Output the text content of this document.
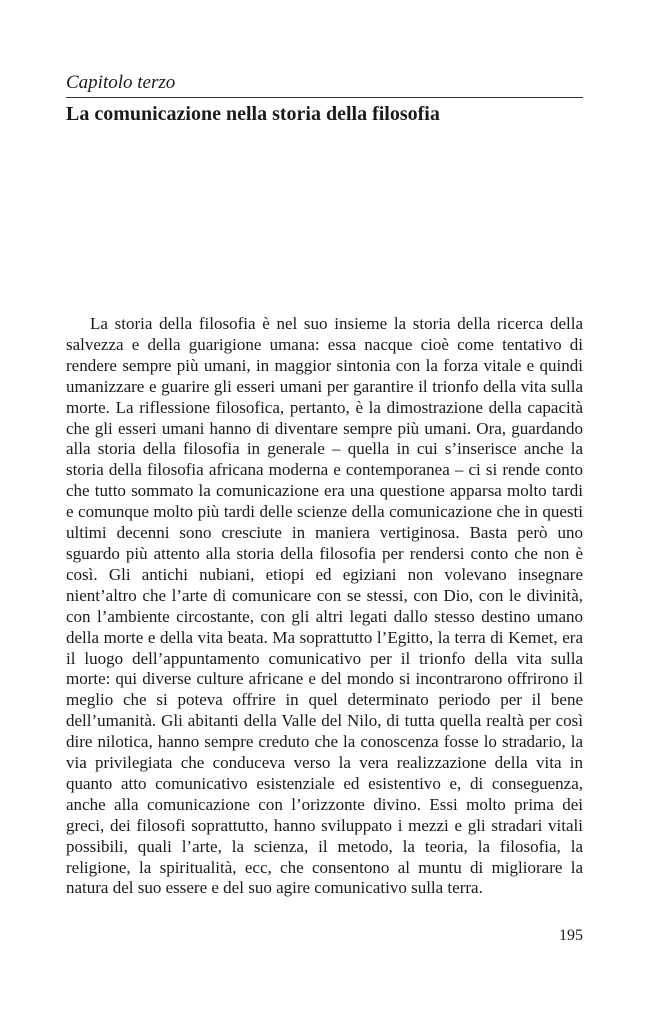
Capitolo terzo
La comunicazione nella storia della filosofia

La storia della filosofia è nel suo insieme la storia della ricerca della salvezza e della guarigione umana: essa nacque cioè come tentativo di rendere sempre più umani, in maggior sintonia con la forza vitale e quindi umanizzare e guarire gli esseri umani per garantire il trionfo della vita sulla morte. La riflessione filosofica, pertanto, è la dimostrazione della capacità che gli esseri umani hanno di diventare sempre più umani. Ora, guardando alla storia della filosofia in generale – quella in cui s’inserisce anche la storia della filosofia africana moderna e contemporanea – ci si rende conto che tutto sommato la comunicazione era una questione apparsa molto tardi e comunque molto più tardi delle scienze della comunicazione che in questi ultimi decenni sono cresciute in maniera vertiginosa. Basta però uno sguardo più attento alla storia della filosofia per rendersi conto che non è così. Gli antichi nubiani, etiopi ed egiziani non volevano insegnare nient’altro che l’arte di comunicare con se stessi, con Dio, con le divinità, con l’ambiente circostante, con gli altri legati dallo stesso destino umano della morte e della vita beata. Ma soprattutto l’Egitto, la terra di Kemet, era il luogo dell’appuntamento comunicativo per il trionfo della vita sulla morte: qui diverse culture africane e del mondo si incontrarono offrirono il meglio che si poteva offrire in quel determinato periodo per il bene dell’umanità. Gli abitanti della Valle del Nilo, di tutta quella realtà per così dire nilotica, hanno sempre creduto che la conoscenza fosse lo stradario, la via privilegiata che conduceva verso la vera realizzazione della vita in quanto atto comunicativo esistenziale ed esistentivo e, di conseguenza, anche alla comunicazione con l’orizzonte divino. Essi molto prima dei greci, dei filosofi soprattutto, hanno sviluppato i mezzi e gli stradari vitali possibili, quali l’arte, la scienza, il metodo, la teoria, la filosofia, la religione, la spiritualità, ecc, che consentono al muntu di migliorare la natura del suo essere e del suo agire comunicativo sulla terra.

195
